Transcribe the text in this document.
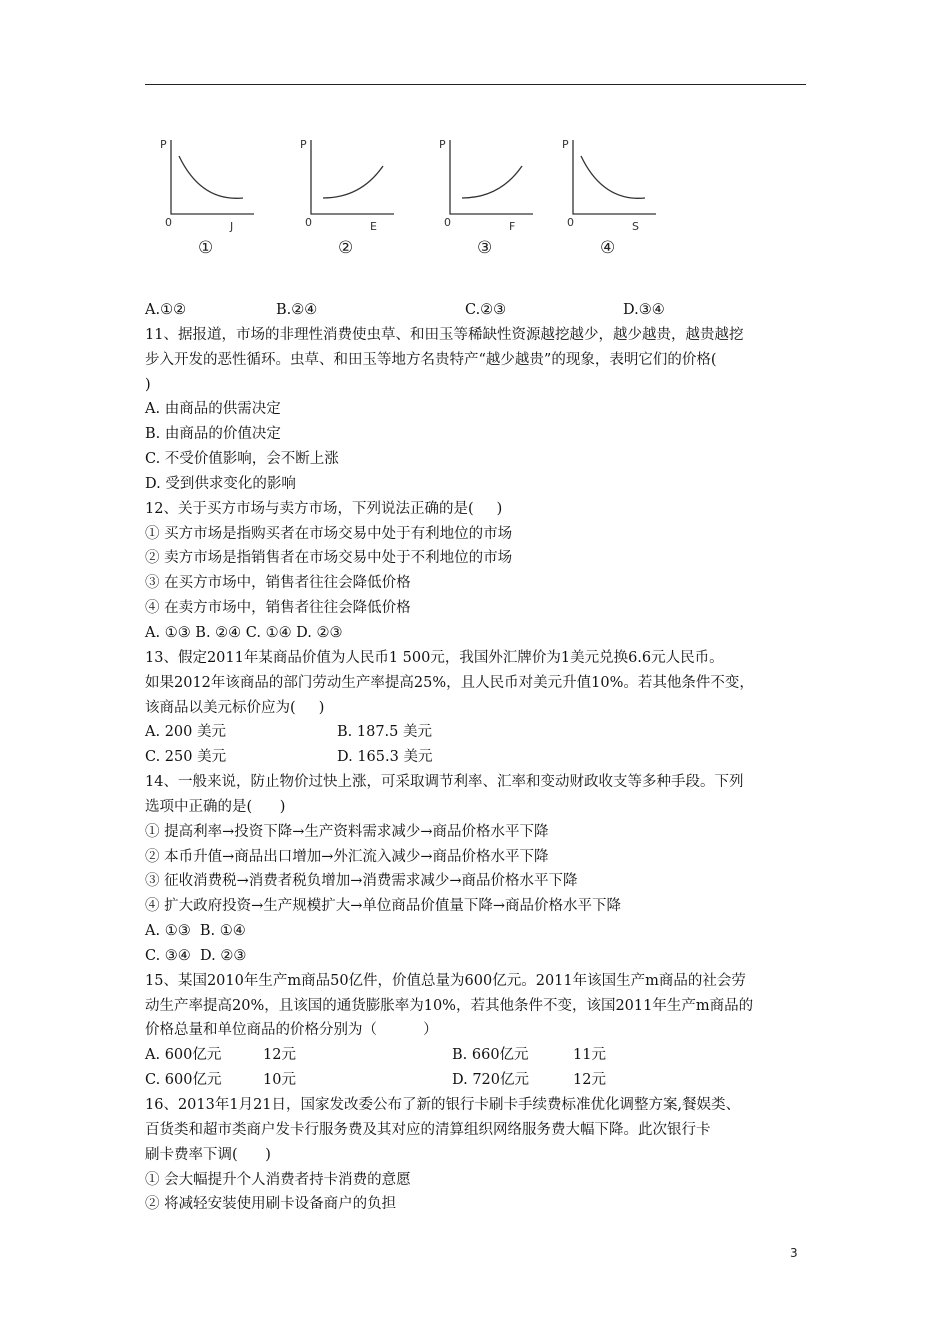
P
0	J
①
P
0	E
②
P
0	F
③
P
0	S
④
A.①②	B.②④	C.②③	D.③④
11、据报道，市场的非理性消费使虫草、和田玉等稀缺性资源越挖越少，越少越贵，越贵越挖
步入开发的恶性循环。虫草、和田玉等地方名贵特产“越少越贵”的现象，表明它们的价格(
)
A. 由商品的供需决定
B. 由商品的价值决定
C. 不受价值影响，会不断上涨
D. 受到供求变化的影响
12、关于买方市场与卖方市场，下列说法正确的是(     )
① 买方市场是指购买者在市场交易中处于有利地位的市场
② 卖方市场是指销售者在市场交易中处于不利地位的市场
③ 在买方市场中，销售者往往会降低价格
④ 在卖方市场中，销售者往往会降低价格
A. ①③ B. ②④ C. ①④ D. ②③
13、假定2011年某商品价值为人民币1 500元，我国外汇牌价为1美元兑换6.6元人民币。
如果2012年该商品的部门劳动生产率提高25%，且人民币对美元升值10%。若其他条件不变，
该商品以美元标价应为(     )
A. 200 美元	B. 187.5 美元
C. 250 美元	D. 165.3 美元
14、一般来说，防止物价过快上涨，可采取调节利率、汇率和变动财政收支等多种手段。下列
选项中正确的是(      )
① 提高利率→投资下降→生产资料需求减少→商品价格水平下降
② 本币升值→商品出口增加→外汇流入减少→商品价格水平下降
③ 征收消费税→消费者税负增加→消费需求减少→商品价格水平下降
④ 扩大政府投资→生产规模扩大→单位商品价值量下降→商品价格水平下降
A. ①③  B. ①④
C. ③④  D. ②③
15、某国2010年生产m商品50亿件，价值总量为600亿元。2011年该国生产m商品的社会劳
动生产率提高20%，且该国的通货膨胀率为10%，若其他条件不变，该国2011年生产m商品的
价格总量和单位商品的价格分别为（          ）
A. 600亿元	12元	B. 660亿元	11元
C. 600亿元	10元	D. 720亿元	12元
16、2013年1月21日，国家发改委公布了新的银行卡刷卡手续费标准优化调整方案,餐娱类、
百货类和超市类商户发卡行服务费及其对应的清算组织网络服务费大幅下降。此次银行卡
刷卡费率下调(      )
① 会大幅提升个人消费者持卡消费的意愿
② 将减轻安装使用刷卡设备商户的负担
3
